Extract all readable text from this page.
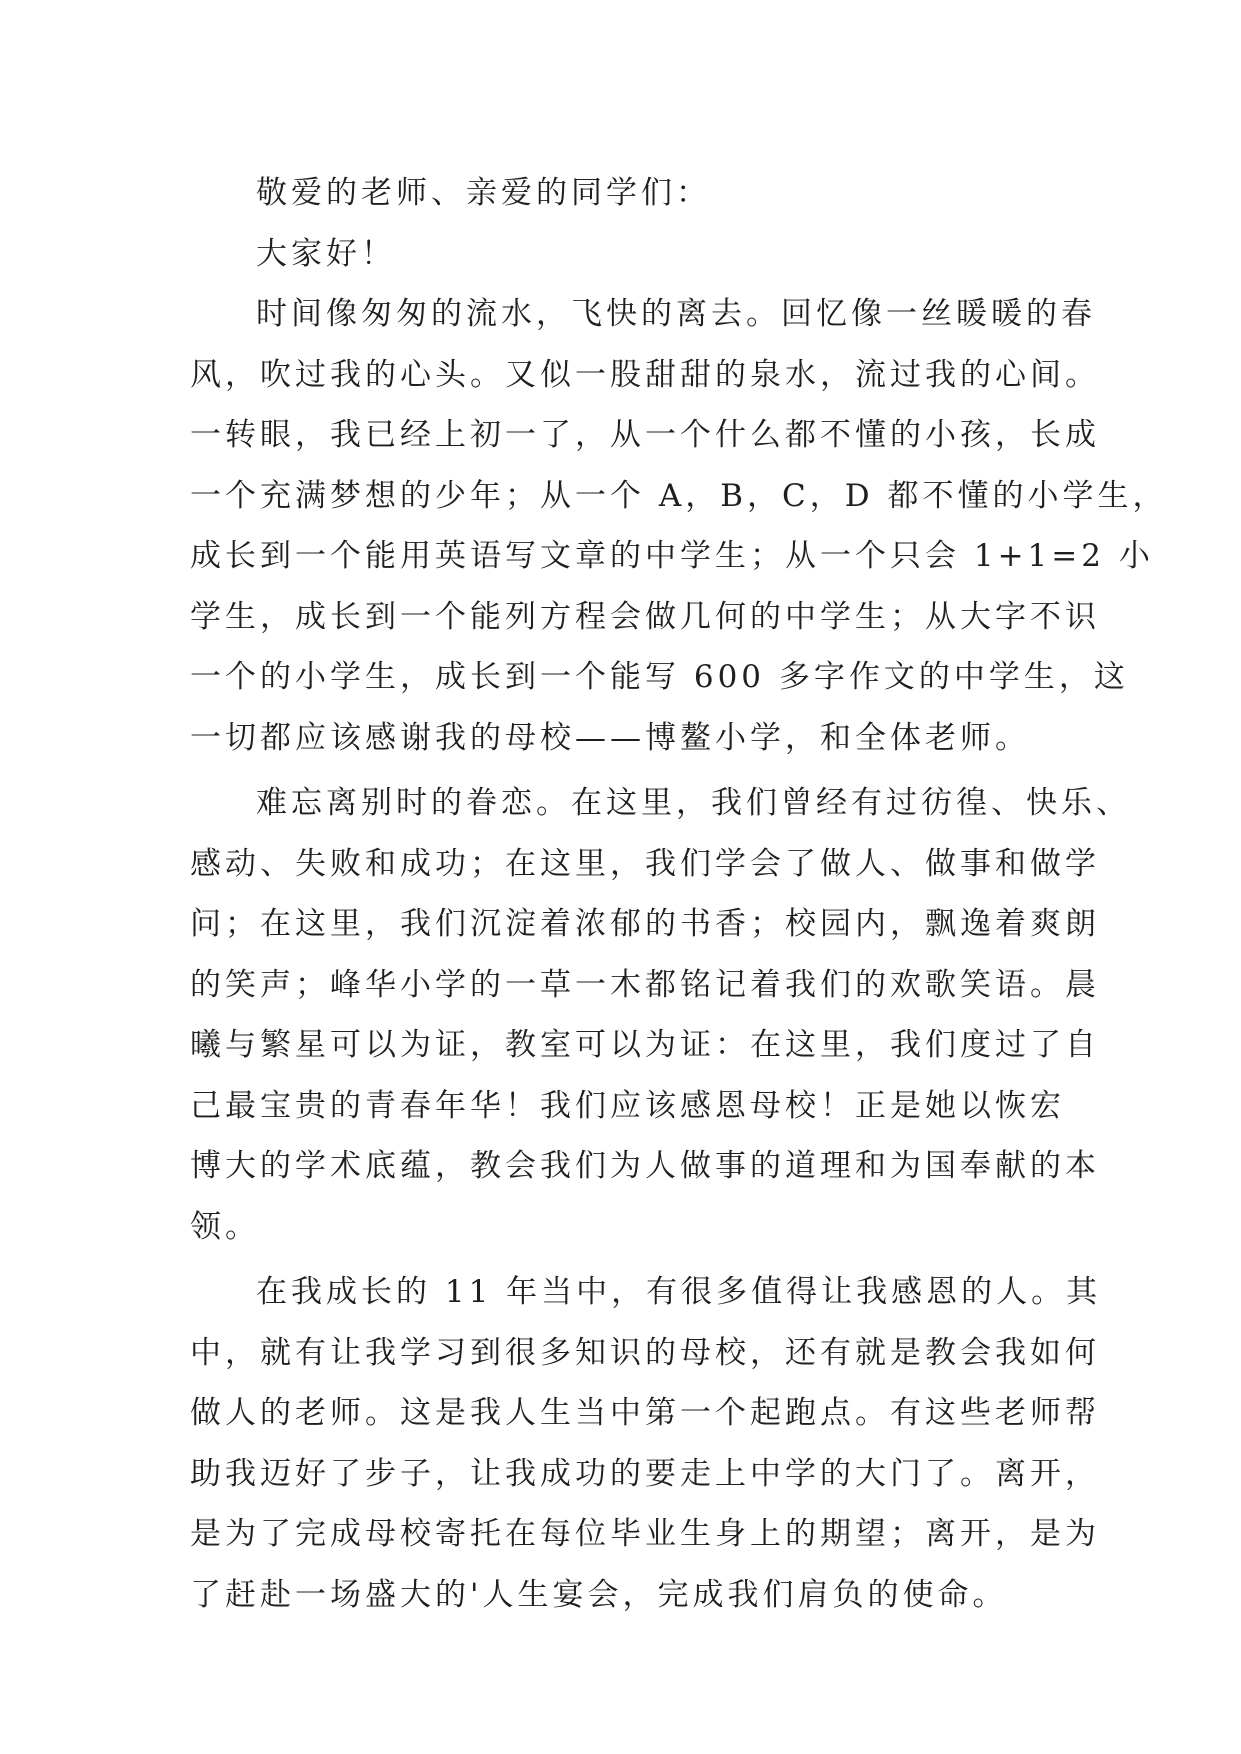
敬爱的老师、亲爱的同学们：
大家好！
时间像匆匆的流水，飞快的离去。回忆像一丝暖暖的春
风，吹过我的心头。又似一股甜甜的泉水，流过我的心间。
一转眼，我已经上初一了，从一个什么都不懂的小孩，长成
一个充满梦想的少年；从一个 A，B，C，D 都不懂的小学生，
成长到一个能用英语写文章的中学生；从一个只会 1+1=2 小
学生，成长到一个能列方程会做几何的中学生；从大字不识
一个的小学生，成长到一个能写 600 多字作文的中学生，这
一切都应该感谢我的母校——博鳌小学，和全体老师。
难忘离别时的眷恋。在这里，我们曾经有过彷徨、快乐、
感动、失败和成功；在这里，我们学会了做人、做事和做学
问；在这里，我们沉淀着浓郁的书香；校园内，飘逸着爽朗
的笑声；峰华小学的一草一木都铭记着我们的欢歌笑语。晨
曦与繁星可以为证，教室可以为证：在这里，我们度过了自
己最宝贵的青春年华！我们应该感恩母校！正是她以恢宏
博大的学术底蕴，教会我们为人做事的道理和为国奉献的本
领。
在我成长的 11 年当中，有很多值得让我感恩的人。其
中，就有让我学习到很多知识的母校，还有就是教会我如何
做人的老师。这是我人生当中第一个起跑点。有这些老师帮
助我迈好了步子，让我成功的要走上中学的大门了。离开，
是为了完成母校寄托在每位毕业生身上的期望；离开，是为
了赶赴一场盛大的'人生宴会，完成我们肩负的使命。
